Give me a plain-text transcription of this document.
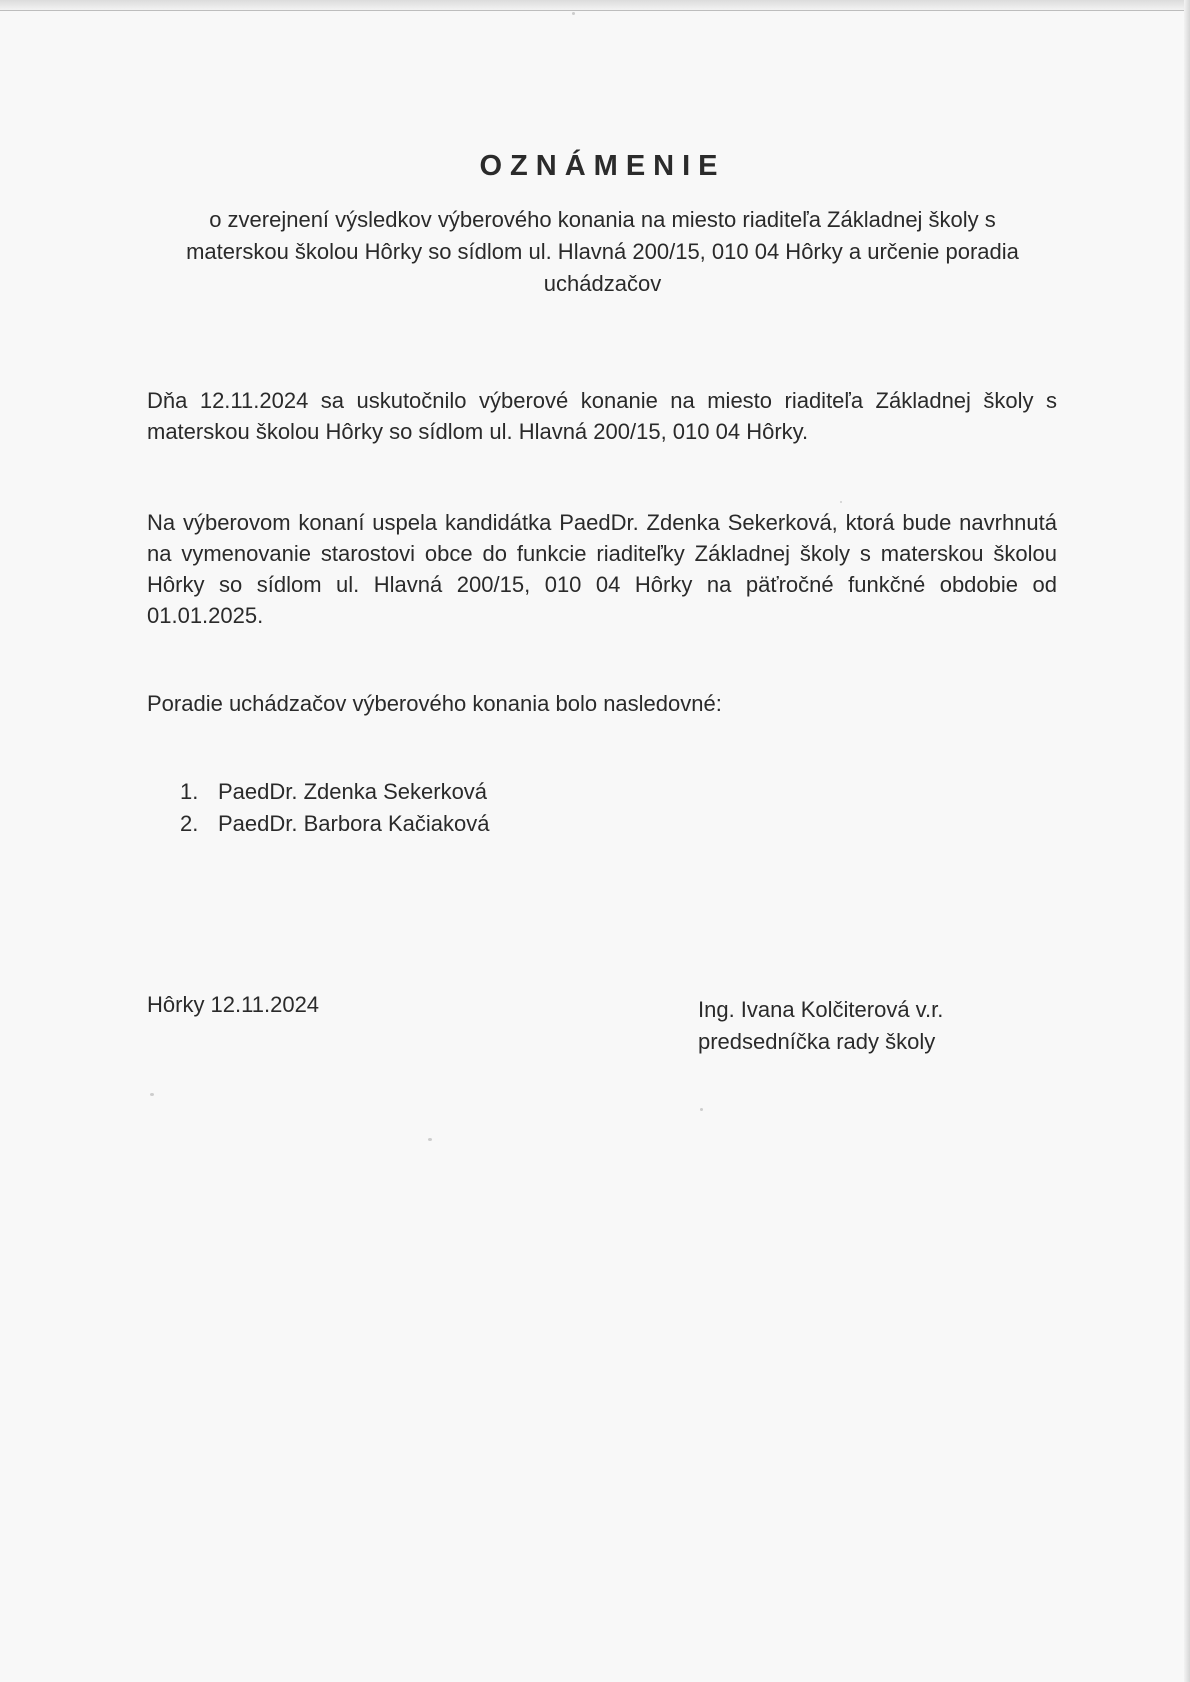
OZNÁMENIE
o zverejnení výsledkov výberového konania na miesto riaditeľa Základnej školy s materskou školou Hôrky so sídlom ul. Hlavná 200/15, 010 04 Hôrky a určenie poradia uchádzačov
Dňa 12.11.2024 sa uskutočnilo výberové konanie na miesto riaditeľa Základnej školy s materskou školou Hôrky so sídlom ul. Hlavná 200/15, 010 04 Hôrky.
Na výberovom konaní uspela kandidátka PaedDr. Zdenka Sekerková, ktorá bude navrhnutá na vymenovanie starostovi obce do funkcie riaditeľky Základnej školy s materskou školou Hôrky so sídlom ul. Hlavná 200/15, 010 04 Hôrky na päťročné funkčné obdobie od 01.01.2025.
Poradie uchádzačov výberového konania bolo nasledovné:
1. PaedDr. Zdenka Sekerková
2. PaedDr. Barbora Kačiaková
Hôrky 12.11.2024	Ing. Ivana Kolčiterová v.r.
predsedníčka rady školy
